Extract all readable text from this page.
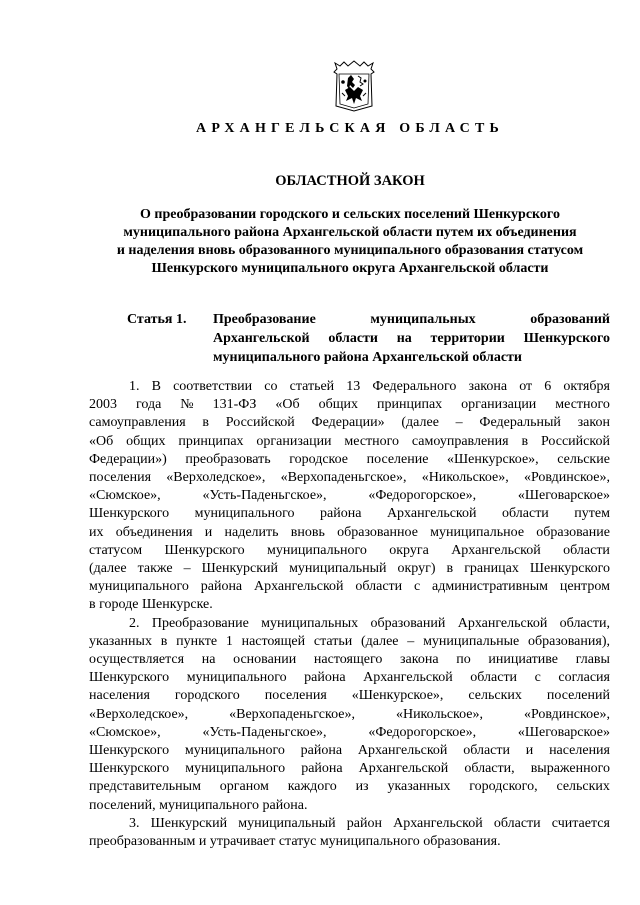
АРХАНГЕЛЬСКАЯ ОБЛАСТЬ
ОБЛАСТНОЙ ЗАКОН
О преобразовании городского и сельских поселений Шенкурского
муниципального района Архангельской области путем их объединения
и наделения вновь образованного муниципального образования статусом
Шенкурского муниципального округа Архангельской области
Статья 1. Преобразование	муниципальных	образований
Архангельской области на территории Шенкурского
муниципального района Архангельской области
1. В соответствии со статьей 13 Федерального закона от 6 октября
2003 года № 131-ФЗ «Об общих принципах организации местного
самоуправления в Российской Федерации» (далее – Федеральный закон
«Об общих принципах организации местного самоуправления в Российской
Федерации») преобразовать городское поселение «Шенкурское», сельские
поселения «Верхоледское», «Верхопаденьгское», «Никольское», «Ровдинское»,
«Сюмское»,	«Усть-Паденьгское»,	«Федорогорское»,	«Шеговарское»
Шенкурского муниципального района Архангельской области путем
их объединения и наделить вновь образованное муниципальное образование
статусом Шенкурского муниципального округа Архангельской области
(далее также – Шенкурский муниципальный округ) в границах Шенкурского
муниципального района Архангельской области с административным центром
в городе Шенкурске.
2. Преобразование муниципальных образований Архангельской области,
указанных в пункте 1 настоящей статьи (далее – муниципальные образования),
осуществляется на основании настоящего закона по инициативе главы
Шенкурского муниципального района Архангельской области с согласия
населения городского поселения «Шенкурское», сельских поселений
«Верхоледское»,	«Верхопаденьгское»,	«Никольское»,	«Ровдинское»,
«Сюмское»,	«Усть-Паденьгское»,	«Федорогорское»,	«Шеговарское»
Шенкурского муниципального района Архангельской области и населения
Шенкурского муниципального района Архангельской области, выраженного
представительным органом каждого из указанных городского, сельских
поселений, муниципального района.
3. Шенкурский муниципальный район Архангельской области считается
преобразованным и утрачивает статус муниципального образования.
